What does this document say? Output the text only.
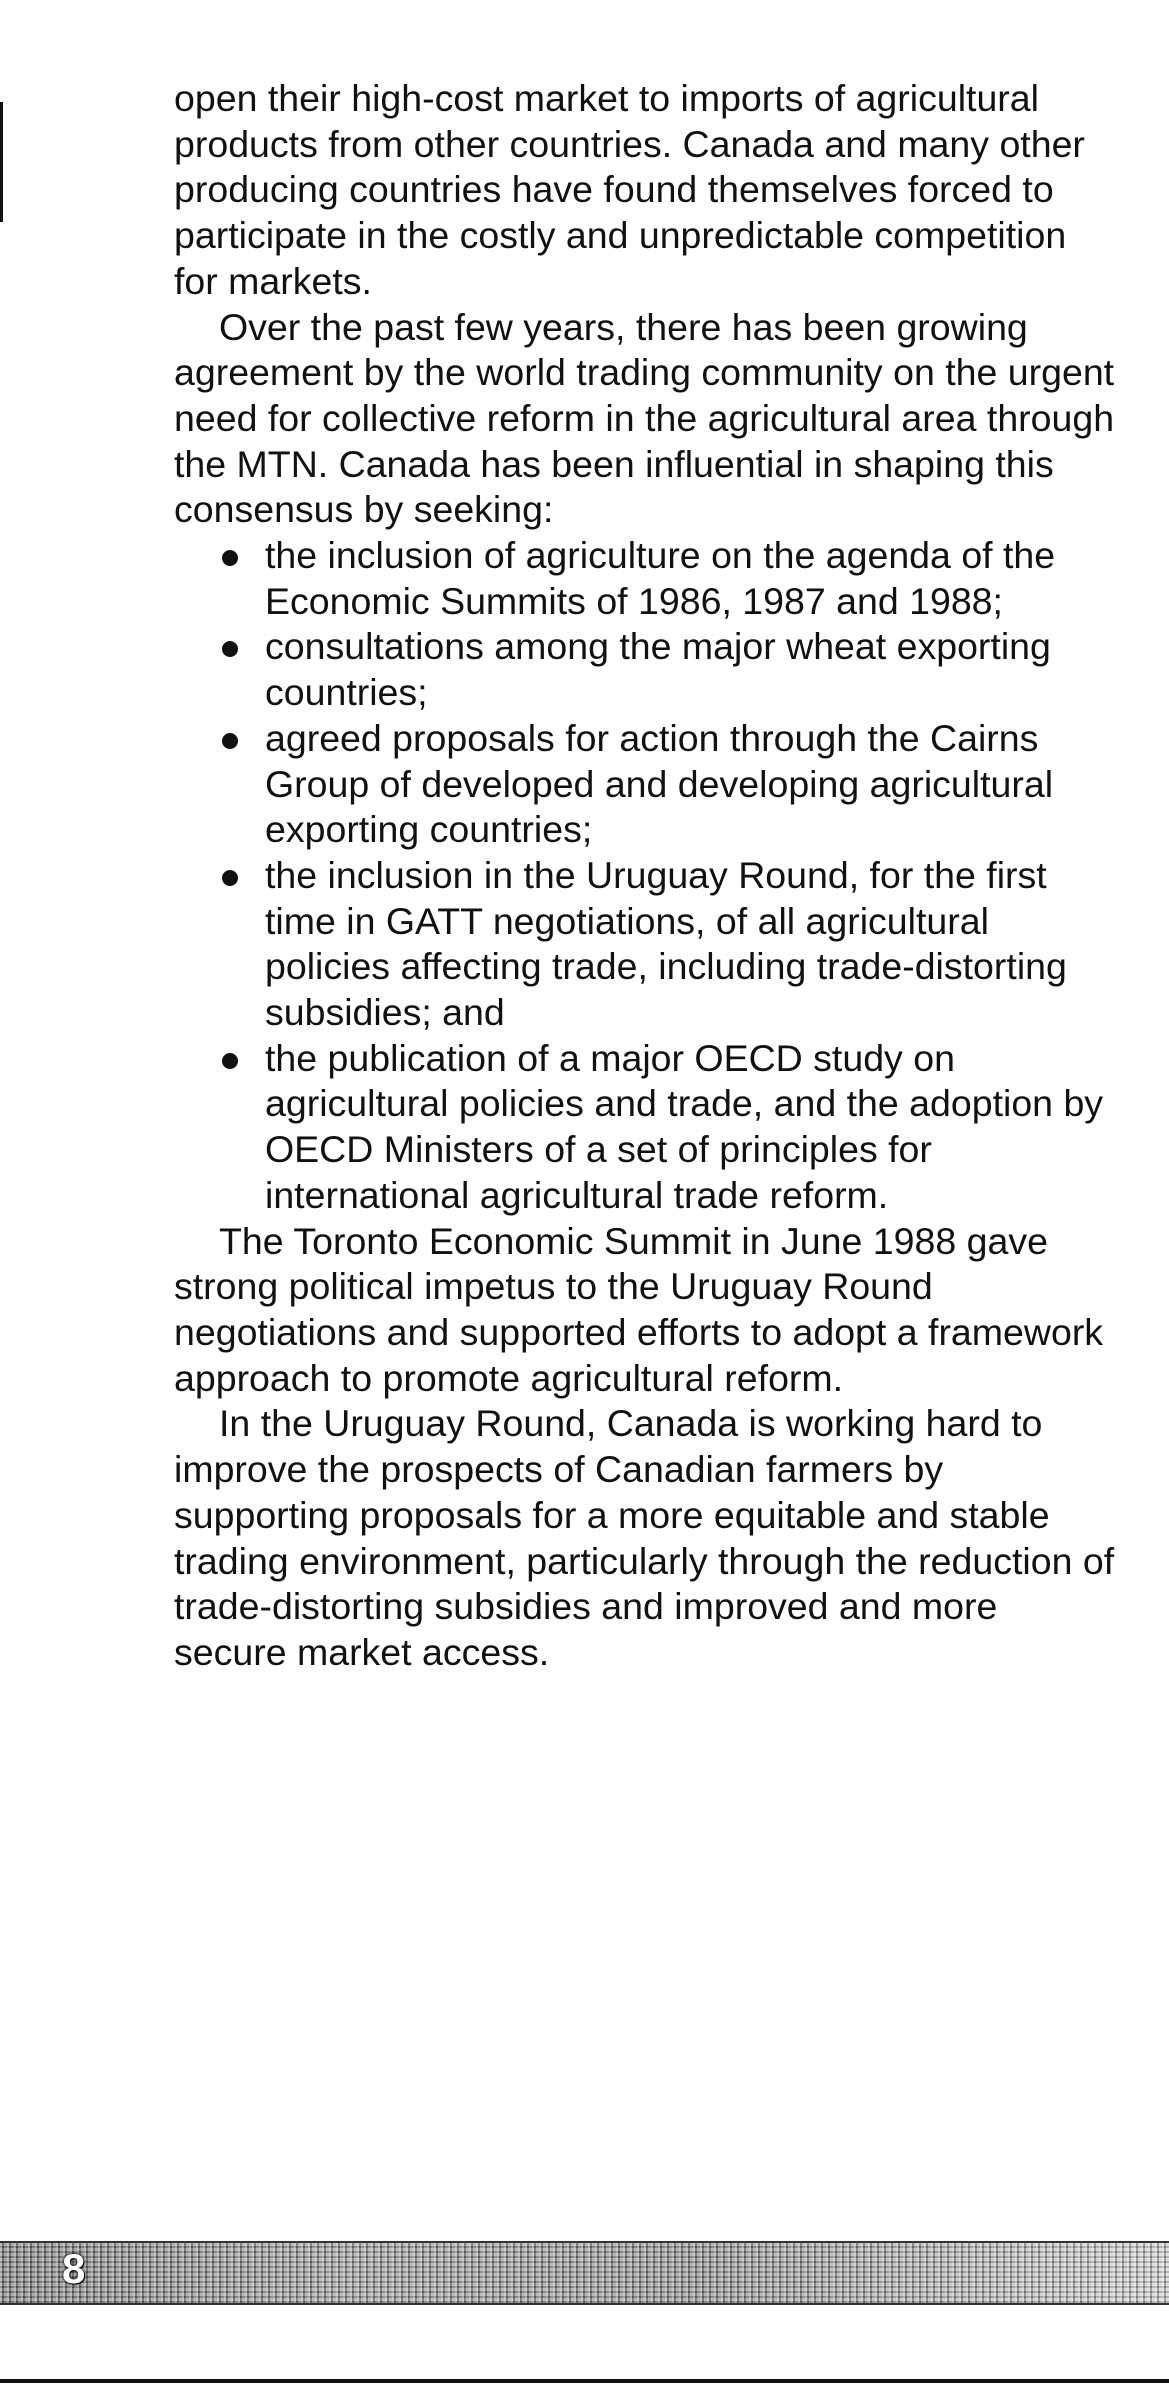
open their high-cost market to imports of agricultural products from other countries. Canada and many other producing countries have found themselves forced to participate in the costly and unpredictable competition for markets.

Over the past few years, there has been growing agreement by the world trading community on the urgent need for collective reform in the agricultural area through the MTN. Canada has been influential in shaping this consensus by seeking:

the inclusion of agriculture on the agenda of the Economic Summits of 1986, 1987 and 1988;
consultations among the major wheat exporting countries;
agreed proposals for action through the Cairns Group of developed and developing agricultural exporting countries;
the inclusion in the Uruguay Round, for the first time in GATT negotiations, of all agricultural policies affecting trade, including trade-distorting subsidies; and
the publication of a major OECD study on agricultural policies and trade, and the adoption by OECD Ministers of a set of principles for international agricultural trade reform.

The Toronto Economic Summit in June 1988 gave strong political impetus to the Uruguay Round negotiations and supported efforts to adopt a framework approach to promote agricultural reform.

In the Uruguay Round, Canada is working hard to improve the prospects of Canadian farmers by supporting proposals for a more equitable and stable trading environment, particularly through the reduction of trade-distorting subsidies and improved and more secure market access.

8
